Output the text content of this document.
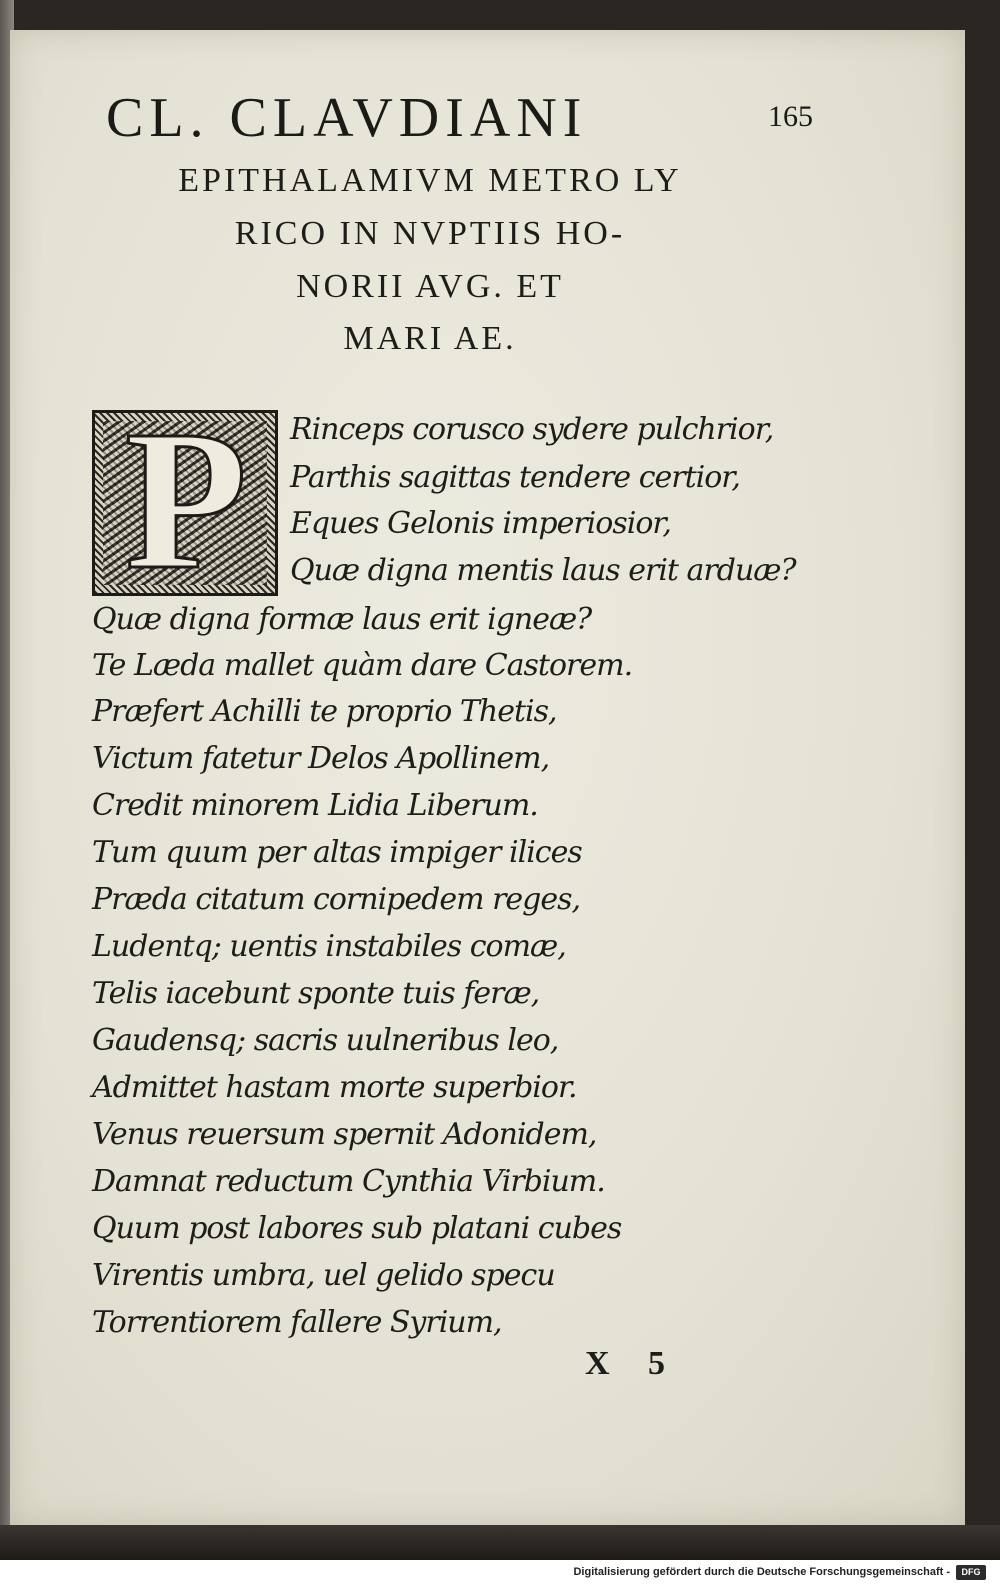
CL. CLAVDIANI	165
EPITHALAMIVM METRO LY
RICO IN NVPTIIS HO-
NORII AVG. ET
MARI AE.
P Rinceps corusco sydere pulchrior,
Parthis sagittas tendere certior,
Eques Gelonis imperiosior,
Quæ digna mentis laus erit arduæ?
Quæ digna formæ laus erit igneæ?
Te Læda mallet quàm dare Castorem.
Præfert Achilli te proprio Thetis,
Victum fatetur Delos Apollinem,
Credit minorem Lidia Liberum.
Tum quum per altas impiger ilices
Præda citatum cornipedem reges,
Ludentq; uentis instabiles comæ,
Telis iacebunt sponte tuis feræ,
Gaudensq; sacris uulneribus leo,
Admittet hastam morte superbior.
Venus reuersum spernit Adonidem,
Damnat reductum Cynthia Virbium.
Quum post labores sub platani cubes
Virentis umbra, uel gelido specu
Torrentiorem fallere Syrium,
X 5
Digitalisierung gefördert durch die Deutsche Forschungsgemeinschaft -	DFG
